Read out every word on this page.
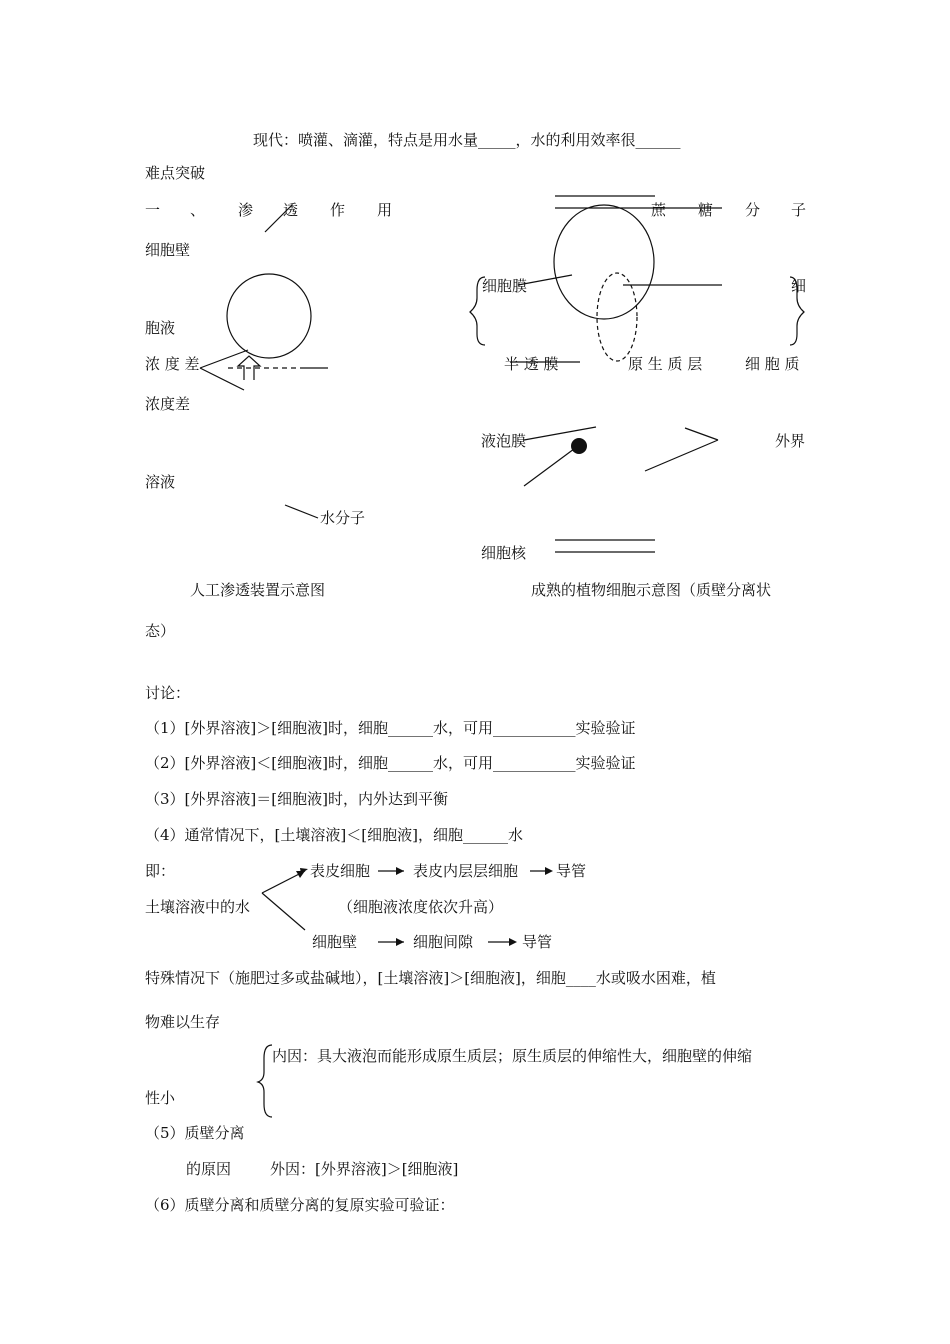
现代：喷灌、滴灌，特点是用水量_____，水的利用效率很______
难点突破
一 、 渗 透 作 用	蔗 糖 分 子
细胞壁
胞液
浓 度 差
浓度差
溶液
水分子
人工渗透装置示意图
细胞膜	细
半 透 膜	原 生 质 层	细 胞 质
液泡膜	外界
细胞核
成熟的植物细胞示意图（质壁分离状
态）
讨论：
（1）[外界溶液]＞[细胞液]时，细胞______水，可用___________实验验证
（2）[外界溶液]＜[细胞液]时，细胞______水，可用___________实验验证
（3）[外界溶液]＝[细胞液]时，内外达到平衡
（4）通常情况下，[土壤溶液]＜[细胞液]，细胞______水
即：	表皮细胞	表皮内层层细胞	导管
土壤溶液中的水	（细胞液浓度依次升高）
细胞壁	细胞间隙	导管
特殊情况下（施肥过多或盐碱地），[土壤溶液]＞[细胞液]，细胞____水或吸水困难，植
物难以生存
内因：具大液泡而能形成原生质层；原生质层的伸缩性大，细胞壁的伸缩
性小
（5）质壁分离
的原因	外因：[外界溶液]＞[细胞液]
（6）质壁分离和质壁分离的复原实验可验证：
